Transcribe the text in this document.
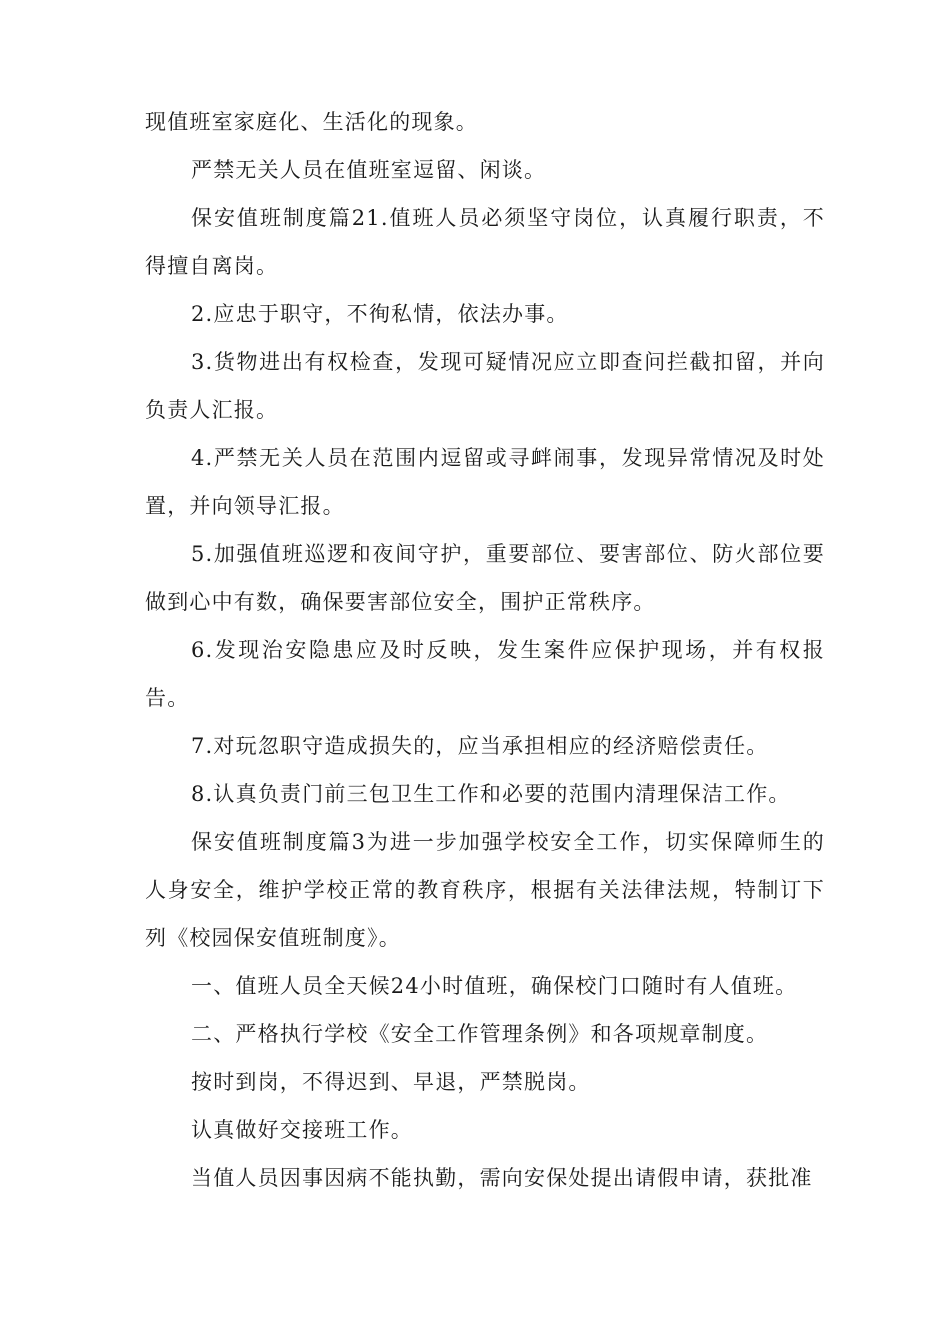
现值班室家庭化、生活化的现象。

严禁无关人员在值班室逗留、闲谈。

保安值班制度篇21.值班人员必须坚守岗位，认真履行职责，不得擅自离岗。

2.应忠于职守，不徇私情，依法办事。

3.货物进出有权检查，发现可疑情况应立即查问拦截扣留，并向负责人汇报。

4.严禁无关人员在范围内逗留或寻衅闹事，发现异常情况及时处置，并向领导汇报。

5.加强值班巡逻和夜间守护，重要部位、要害部位、防火部位要做到心中有数，确保要害部位安全，围护正常秩序。

6.发现治安隐患应及时反映，发生案件应保护现场，并有权报告。

7.对玩忽职守造成损失的，应当承担相应的经济赔偿责任。

8.认真负责门前三包卫生工作和必要的范围内清理保洁工作。

保安值班制度篇3为进一步加强学校安全工作，切实保障师生的人身安全，维护学校正常的教育秩序，根据有关法律法规，特制订下列《校园保安值班制度》。

一、值班人员全天候24小时值班，确保校门口随时有人值班。

二、严格执行学校《安全工作管理条例》和各项规章制度。

按时到岗，不得迟到、早退，严禁脱岗。

认真做好交接班工作。

当值人员因事因病不能执勤，需向安保处提出请假申请，获批准
